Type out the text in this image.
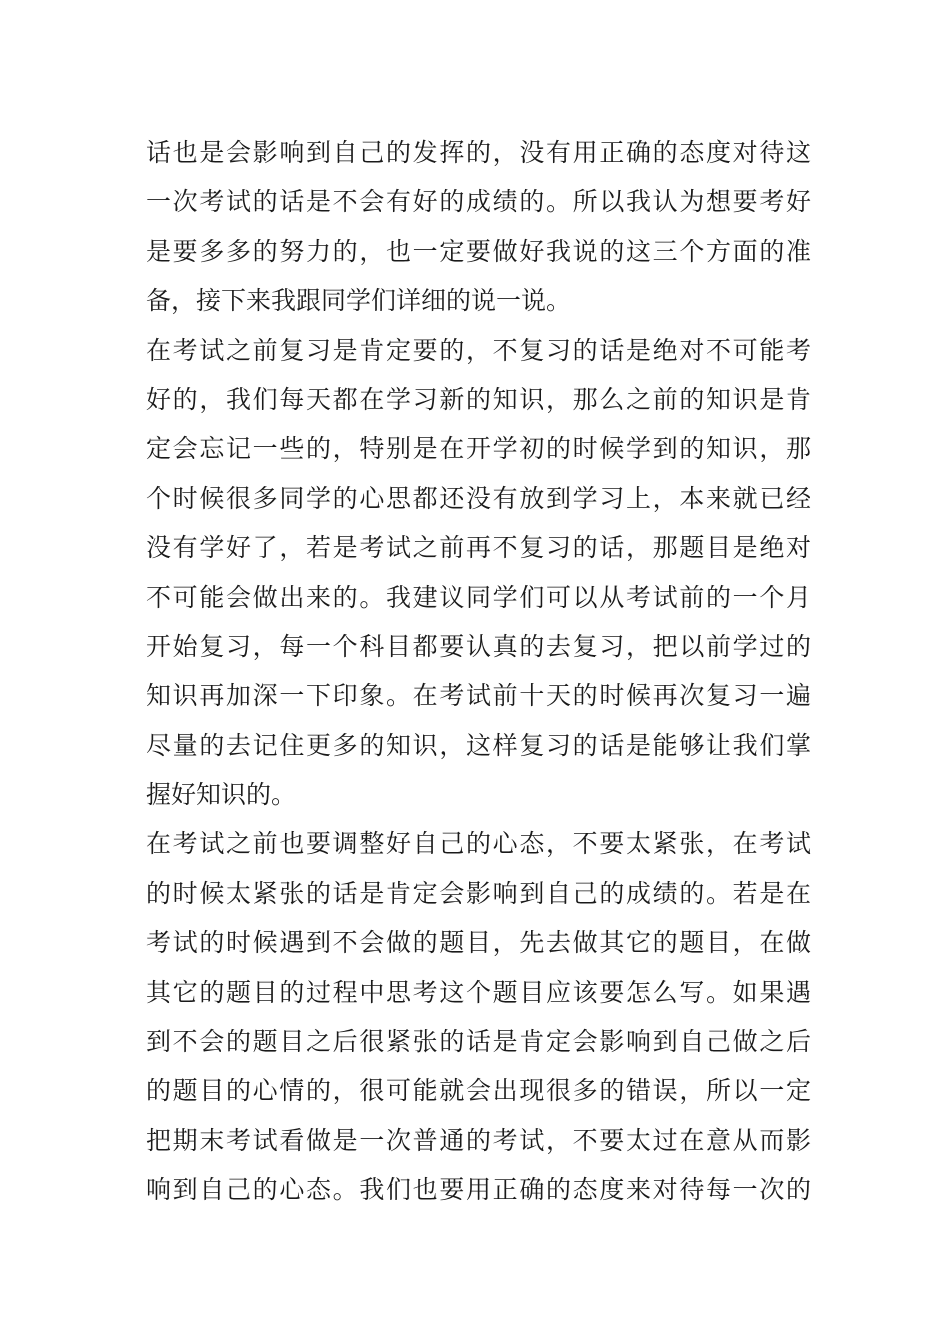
话也是会影响到自己的发挥的，没有用正确的态度对待这
一次考试的话是不会有好的成绩的。所以我认为想要考好
是要多多的努力的，也一定要做好我说的这三个方面的准
备，接下来我跟同学们详细的说一说。
在考试之前复习是肯定要的，不复习的话是绝对不可能考
好的，我们每天都在学习新的知识，那么之前的知识是肯
定会忘记一些的，特别是在开学初的时候学到的知识，那
个时候很多同学的心思都还没有放到学习上，本来就已经
没有学好了，若是考试之前再不复习的话，那题目是绝对
不可能会做出来的。我建议同学们可以从考试前的一个月
开始复习，每一个科目都要认真的去复习，把以前学过的
知识再加深一下印象。在考试前十天的时候再次复习一遍
尽量的去记住更多的知识，这样复习的话是能够让我们掌
握好知识的。
在考试之前也要调整好自己的心态，不要太紧张，在考试
的时候太紧张的话是肯定会影响到自己的成绩的。若是在
考试的时候遇到不会做的题目，先去做其它的题目，在做
其它的题目的过程中思考这个题目应该要怎么写。如果遇
到不会的题目之后很紧张的话是肯定会影响到自己做之后
的题目的心情的，很可能就会出现很多的错误，所以一定
把期末考试看做是一次普通的考试，不要太过在意从而影
响到自己的心态。我们也要用正确的态度来对待每一次的
